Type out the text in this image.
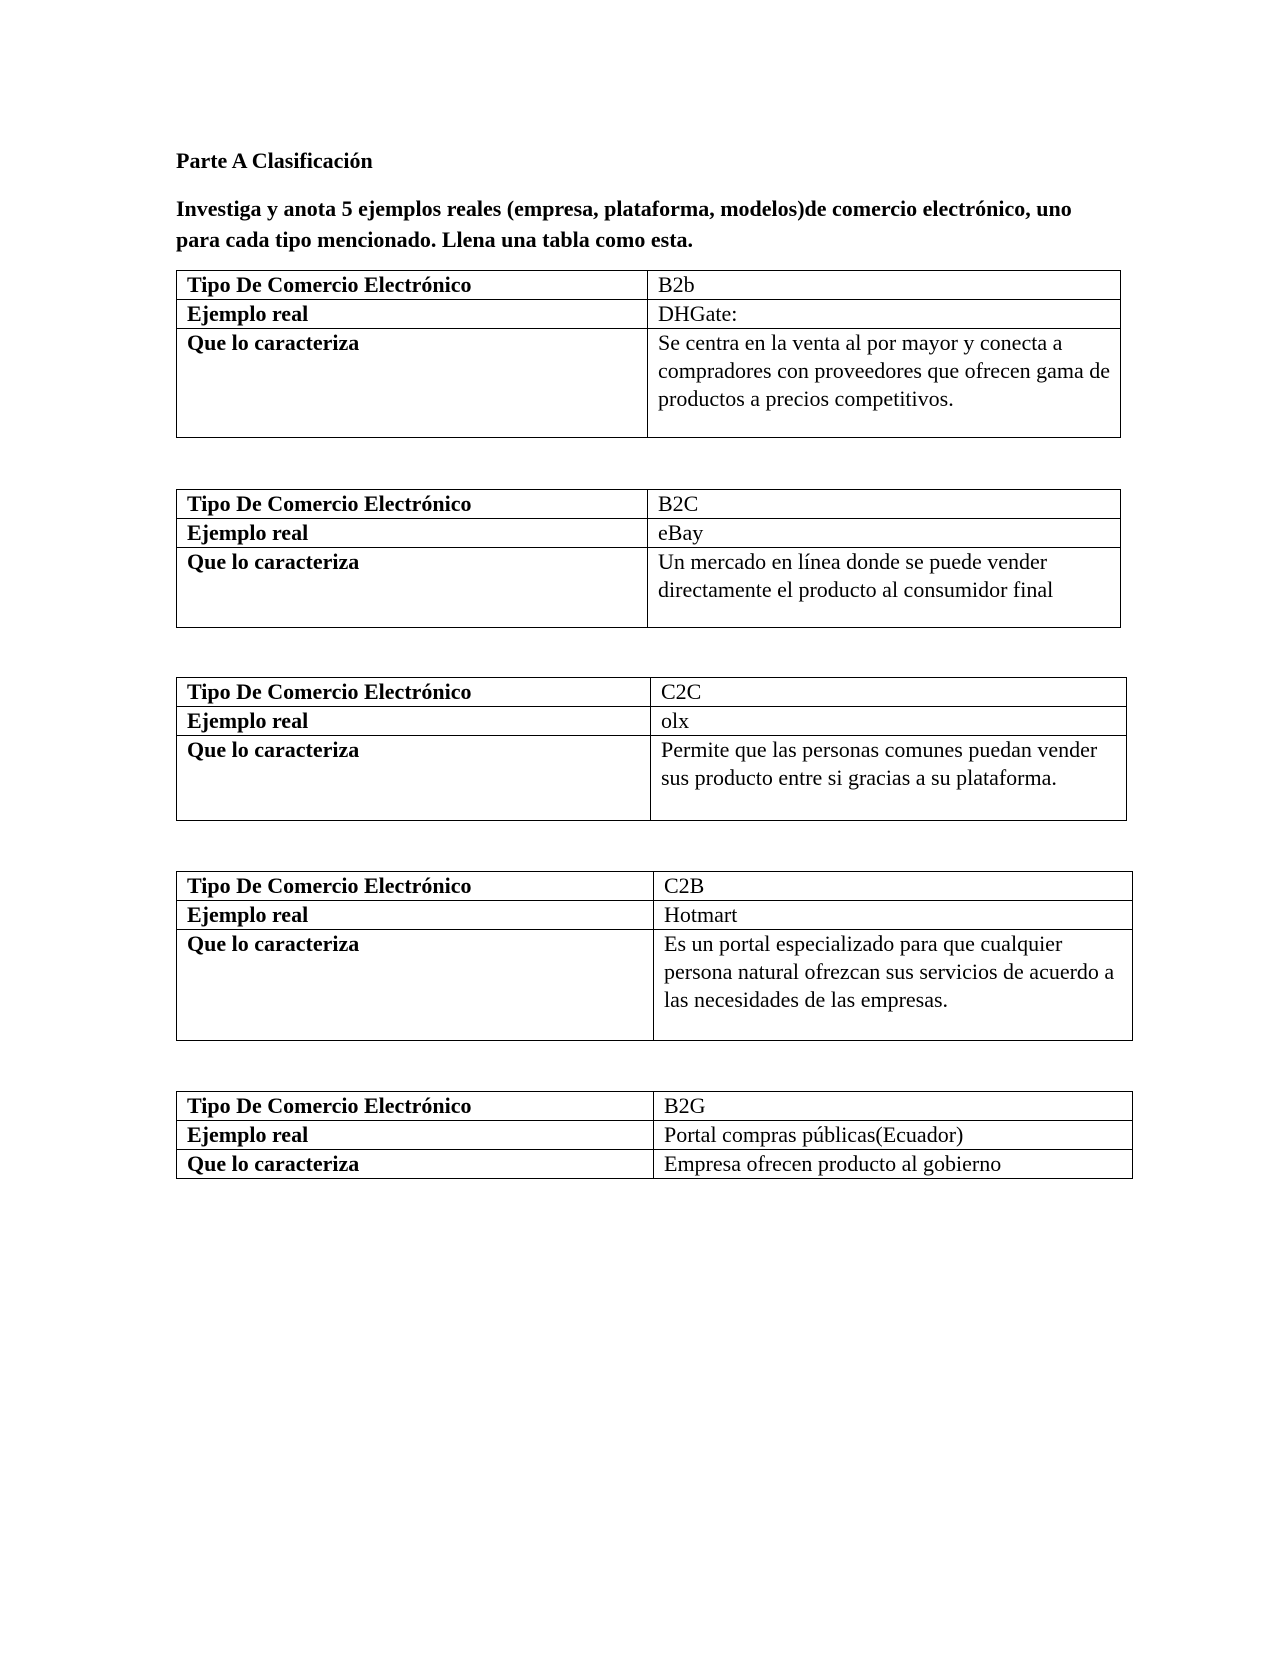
Parte A Clasificación

Investiga y anota 5 ejemplos reales (empresa, plataforma, modelos)de comercio electrónico, uno para cada tipo mencionado. Llena una tabla como esta.

Tipo De Comercio Electrónico	B2b
Ejemplo real	DHGate:
Que lo caracteriza	Se centra en la venta al por mayor y conecta a compradores con proveedores que ofrecen gama de productos a precios competitivos.
Tipo De Comercio Electrónico	B2C
Ejemplo real	eBay
Que lo caracteriza	Un mercado en línea donde se puede vender directamente el producto al consumidor final
Tipo De Comercio Electrónico	C2C
Ejemplo real	olx
Que lo caracteriza	Permite que las personas comunes puedan vender sus producto entre si gracias a su plataforma.
Tipo De Comercio Electrónico	C2B
Ejemplo real	Hotmart
Que lo caracteriza	Es un portal especializado para que cualquier persona natural ofrezcan sus servicios de acuerdo a las necesidades de las empresas.
Tipo De Comercio Electrónico	B2G
Ejemplo real	Portal compras públicas(Ecuador)
Que lo caracteriza	Empresa ofrecen producto al gobierno
